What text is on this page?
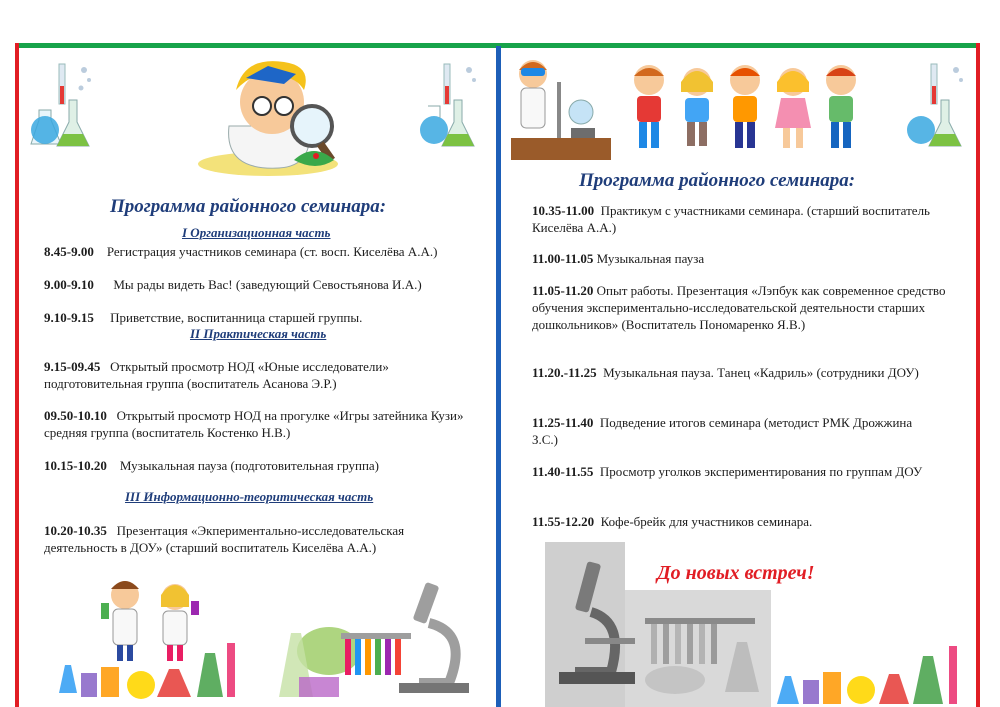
Программа районного семинара:
I Организационная часть
8.45-9.00 Регистрация участников семинара (ст. восп. Киселёва А.А.)
9.00-9.10 Мы рады видеть Вас! (заведующий Севостьянова И.А.)
9.10-9.15 Приветствие, воспитанница старшей группы.
II Практическая часть
9.15-09.45 Открытый просмотр НОД «Юные исследователи» подготовительная группа (воспитатель Асанова Э.Р.)
09.50-10.10 Открытый просмотр НОД на прогулке «Игры затейника Кузи» средняя группа (воспитатель Костенко Н.В.)
10.15-10.20 Музыкальная пауза (подготовительная группа)
III Информационно-теоритическая часть
10.20-10.35 Презентация «Экпериментально-исследовательская деятельность в ДОУ» (старший воспитатель Киселёва А.А.)
Программа районного семинара:
10.35-11.00 Практикум с участниками семинара. (старший воспитатель Киселёва А.А.)
11.00-11.05 Музыкальная пауза
11.05-11.20 Опыт работы. Презентация «Лэпбук как современное средство обучения экспериментально-исследовательской деятельности старших дошкольников» (Воспитатель Пономаренко Я.В.)
11.20.-11.25 Музыкальная пауза. Танец «Кадриль» (сотрудники ДОУ)
11.25-11.40 Подведение итогов семинара (методист РМК Дрожжина З.С.)
11.40-11.55 Просмотр уголков экспериментирования по группам ДОУ
11.55-12.20 Кофе-брейк для участников семинара.
До новых встреч!
